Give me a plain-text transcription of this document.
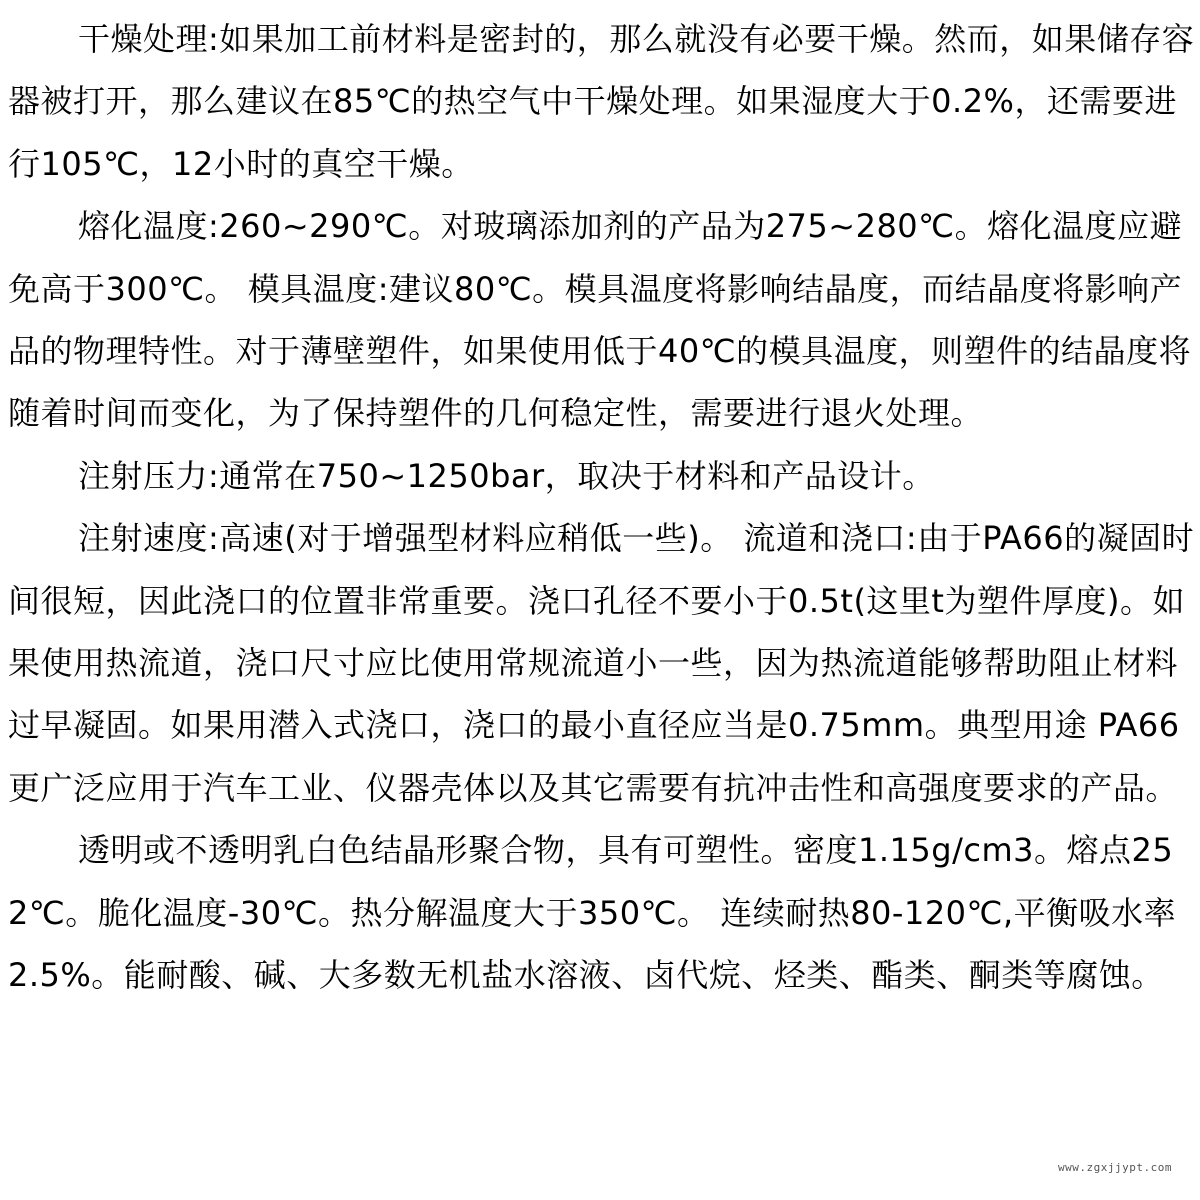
干燥处理:如果加工前材料是密封的，那么就没有必要干燥。然而，如果储存容器被打开，那么建议在85℃的热空气中干燥处理。如果湿度大于0.2%，还需要进行105℃，12小时的真空干燥。

熔化温度:260~290℃。对玻璃添加剂的产品为275~280℃。熔化温度应避免高于300℃。 模具温度:建议80℃。模具温度将影响结晶度，而结晶度将影响产品的物理特性。对于薄壁塑件，如果使用低于40℃的模具温度，则塑件的结晶度将随着时间而变化，为了保持塑件的几何稳定性，需要进行退火处理。

注射压力:通常在750~1250bar，取决于材料和产品设计。

注射速度:高速(对于增强型材料应稍低一些)。 流道和浇口:由于PA66的凝固时间很短，因此浇口的位置非常重要。浇口孔径不要小于0.5t(这里t为塑件厚度)。如果使用热流道，浇口尺寸应比使用常规流道小一些，因为热流道能够帮助阻止材料过早凝固。如果用潜入式浇口，浇口的最小直径应当是0.75mm。典型用途 PA66更广泛应用于汽车工业、仪器壳体以及其它需要有抗冲击性和高强度要求的产品。

透明或不透明乳白色结晶形聚合物，具有可塑性。密度1.15g/cm3。熔点252℃。脆化温度-30℃。热分解温度大于350℃。 连续耐热80-120℃,平衡吸水率2.5%。能耐酸、碱、大多数无机盐水溶液、卤代烷、烃类、酯类、酮类等腐蚀。

www.zgxjjypt.com
